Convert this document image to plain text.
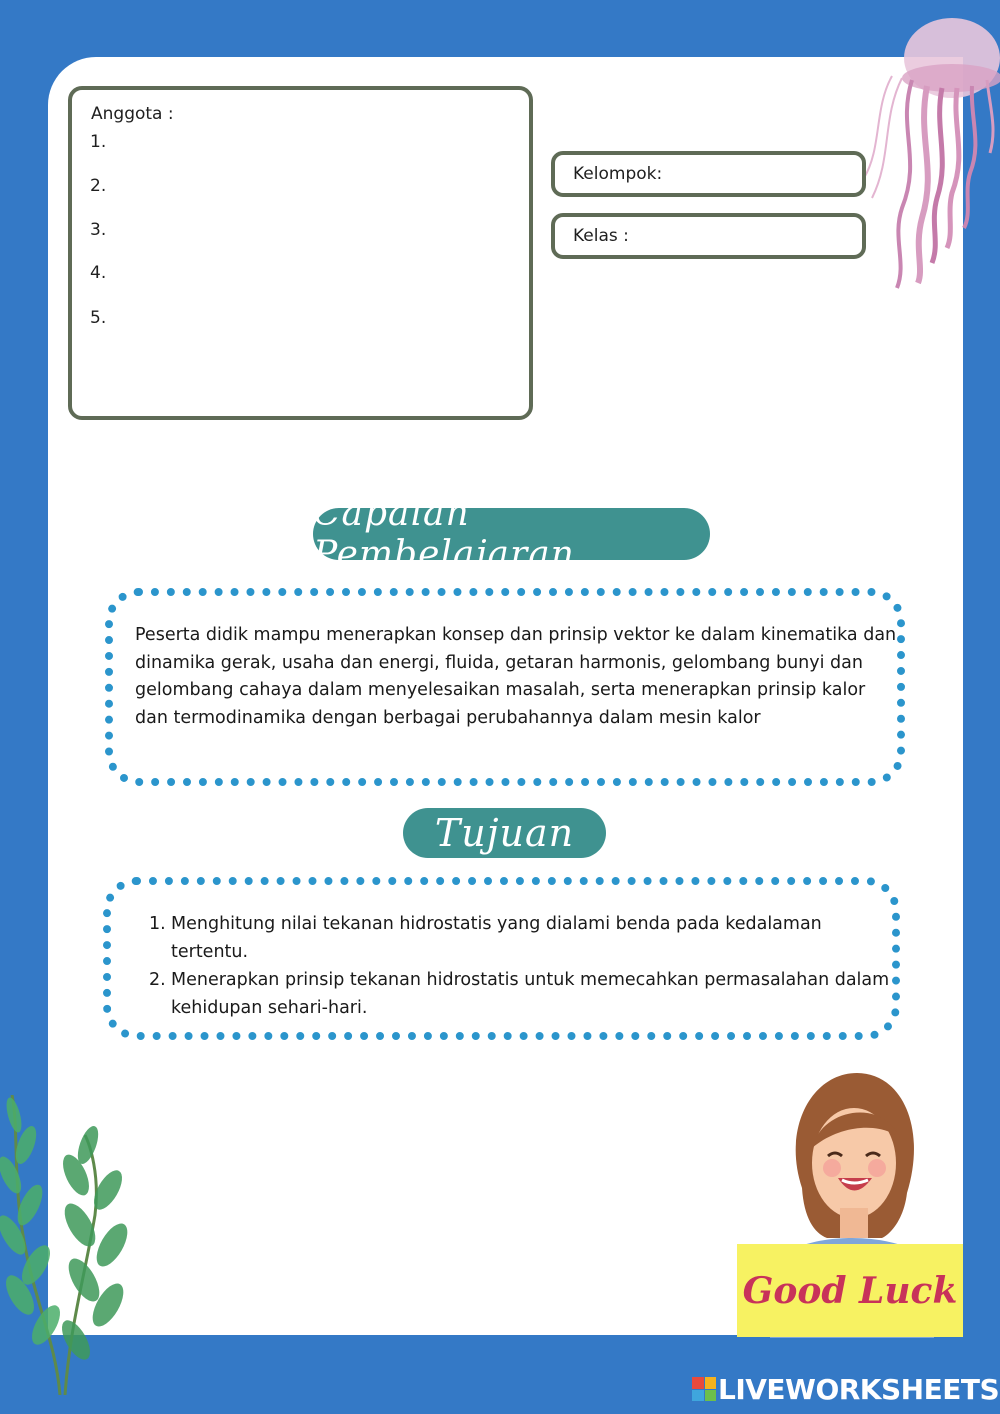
Anggota :
1.
2.
3.
4.
5.
Kelompok:
Kelas :
Capaian Pembelajaran
Peserta didik mampu menerapkan konsep dan prinsip vektor ke dalam kinematika dan dinamika gerak, usaha dan energi, fluida, getaran harmonis, gelombang bunyi dan gelombang cahaya dalam menyelesaikan masalah, serta menerapkan prinsip kalor dan termodinamika dengan berbagai perubahannya dalam mesin kalor
Tujuan
1. Menghitung nilai tekanan hidrostatis yang dialami benda pada kedalaman tertentu.
2. Menerapkan prinsip tekanan hidrostatis untuk memecahkan permasalahan dalam kehidupan sehari-hari.
Good Luck
LIVEWORKSHEETS
